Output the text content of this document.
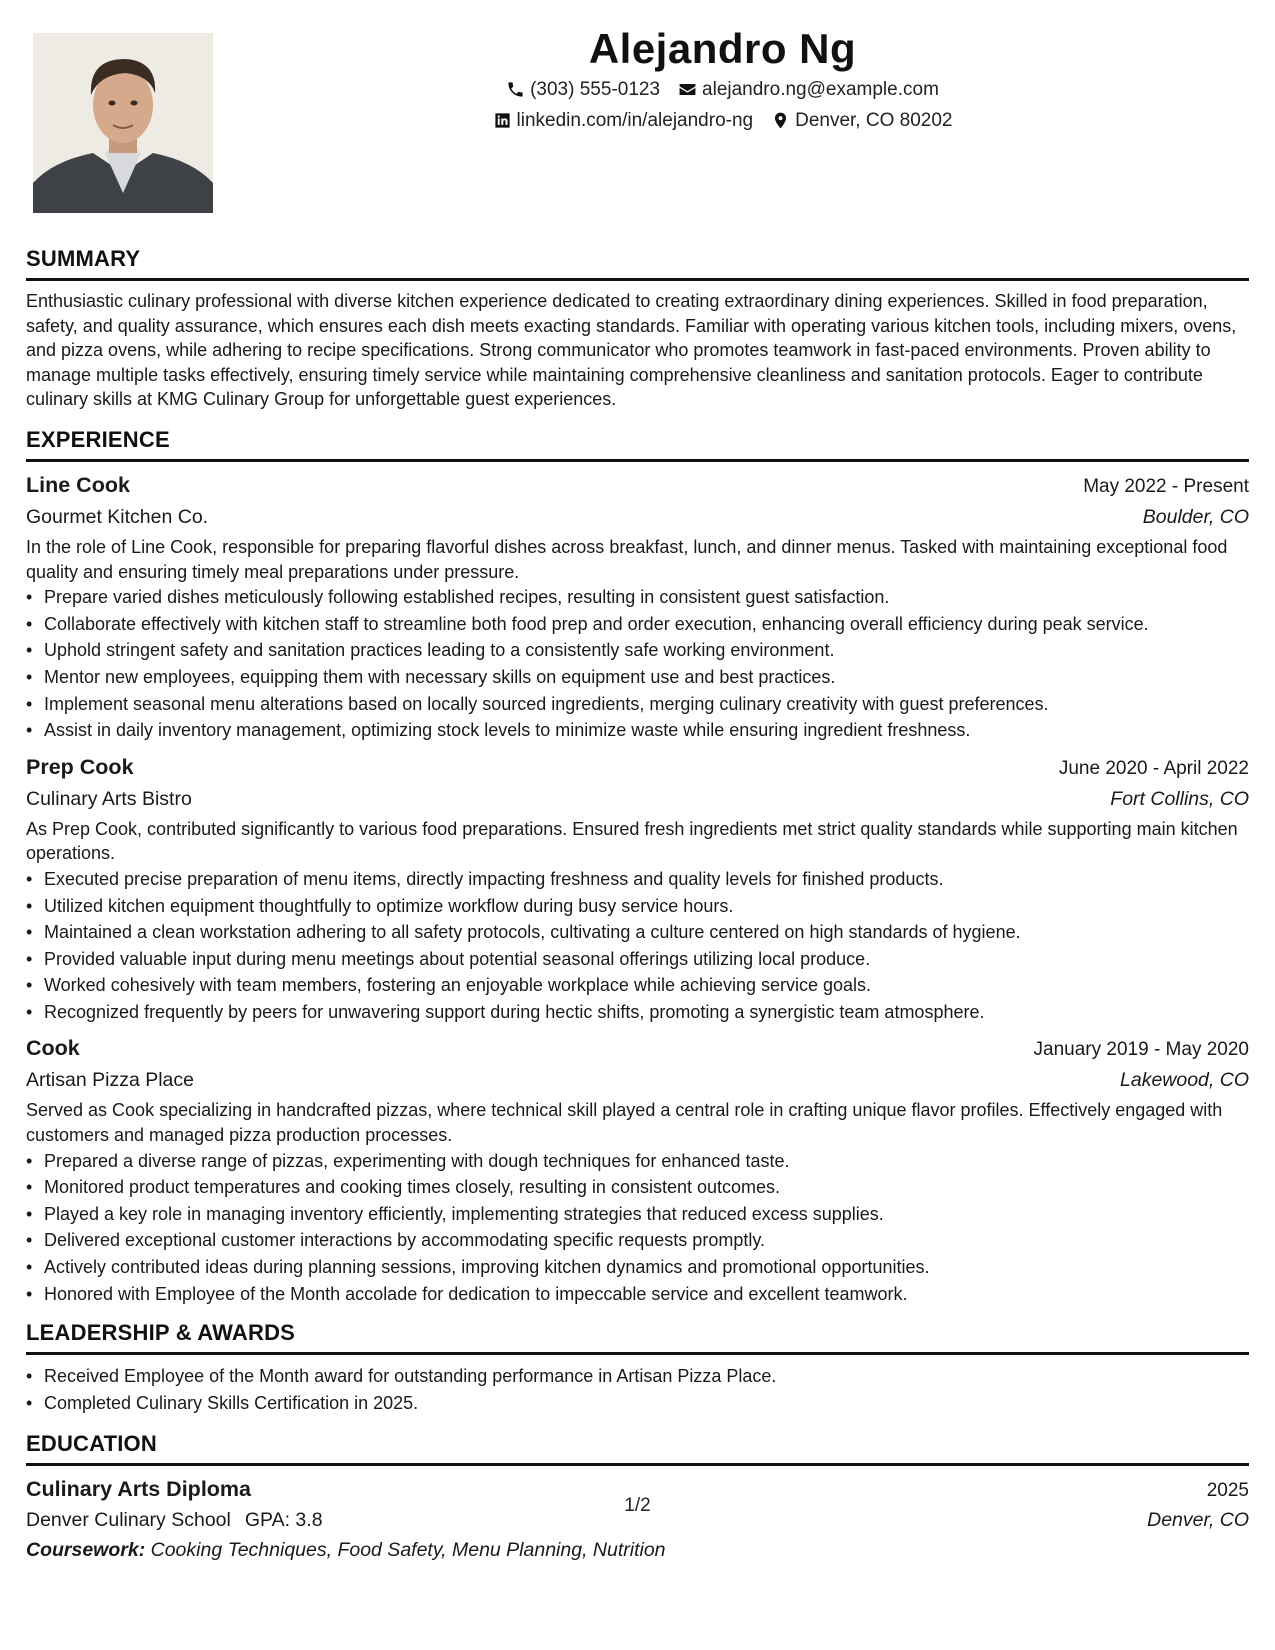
Alejandro Ng
(303) 555-0123 alejandro.ng@example.com
linkedin.com/in/alejandro-ng Denver, CO 80202
SUMMARY

Enthusiastic culinary professional with diverse kitchen experience dedicated to creating extraordinary dining experiences. Skilled in food preparation, safety, and quality assurance, which ensures each dish meets exacting standards. Familiar with operating various kitchen tools, including mixers, ovens, and pizza ovens, while adhering to recipe specifications. Strong communicator who promotes teamwork in fast-paced environments. Proven ability to manage multiple tasks effectively, ensuring timely service while maintaining comprehensive cleanliness and sanitation protocols. Eager to contribute culinary skills at KMG Culinary Group for unforgettable guest experiences.

EXPERIENCE
Line Cook	May 2022 - Present
Gourmet Kitchen Co.	Boulder, CO

In the role of Line Cook, responsible for preparing flavorful dishes across breakfast, lunch, and dinner menus. Tasked with maintaining exceptional food quality and ensuring timely meal preparations under pressure.

• Prepare varied dishes meticulously following established recipes, resulting in consistent guest satisfaction.
• Collaborate effectively with kitchen staff to streamline both food prep and order execution, enhancing overall efficiency during peak service.
• Uphold stringent safety and sanitation practices leading to a consistently safe working environment.
• Mentor new employees, equipping them with necessary skills on equipment use and best practices.
• Implement seasonal menu alterations based on locally sourced ingredients, merging culinary creativity with guest preferences.
• Assist in daily inventory management, optimizing stock levels to minimize waste while ensuring ingredient freshness.
Prep Cook	June 2020 - April 2022
Culinary Arts Bistro	Fort Collins, CO

As Prep Cook, contributed significantly to various food preparations. Ensured fresh ingredients met strict quality standards while supporting main kitchen operations.

• Executed precise preparation of menu items, directly impacting freshness and quality levels for finished products.
• Utilized kitchen equipment thoughtfully to optimize workflow during busy service hours.
• Maintained a clean workstation adhering to all safety protocols, cultivating a culture centered on high standards of hygiene.
• Provided valuable input during menu meetings about potential seasonal offerings utilizing local produce.
• Worked cohesively with team members, fostering an enjoyable workplace while achieving service goals.
• Recognized frequently by peers for unwavering support during hectic shifts, promoting a synergistic team atmosphere.
Cook	January 2019 - May 2020
Artisan Pizza Place	Lakewood, CO

Served as Cook specializing in handcrafted pizzas, where technical skill played a central role in crafting unique flavor profiles. Effectively engaged with customers and managed pizza production processes.

• Prepared a diverse range of pizzas, experimenting with dough techniques for enhanced taste.
• Monitored product temperatures and cooking times closely, resulting in consistent outcomes.
• Played a key role in managing inventory efficiently, implementing strategies that reduced excess supplies.
• Delivered exceptional customer interactions by accommodating specific requests promptly.
• Actively contributed ideas during planning sessions, improving kitchen dynamics and promotional opportunities.
• Honored with Employee of the Month accolade for dedication to impeccable service and excellent teamwork.
LEADERSHIP & AWARDS
• Received Employee of the Month award for outstanding performance in Artisan Pizza Place.
• Completed Culinary Skills Certification in 2025.
EDUCATION
Culinary Arts Diploma	2025
Denver Culinary School GPA: 3.8	Denver, CO
Coursework: Cooking Techniques, Food Safety, Menu Planning, Nutrition
1/2
